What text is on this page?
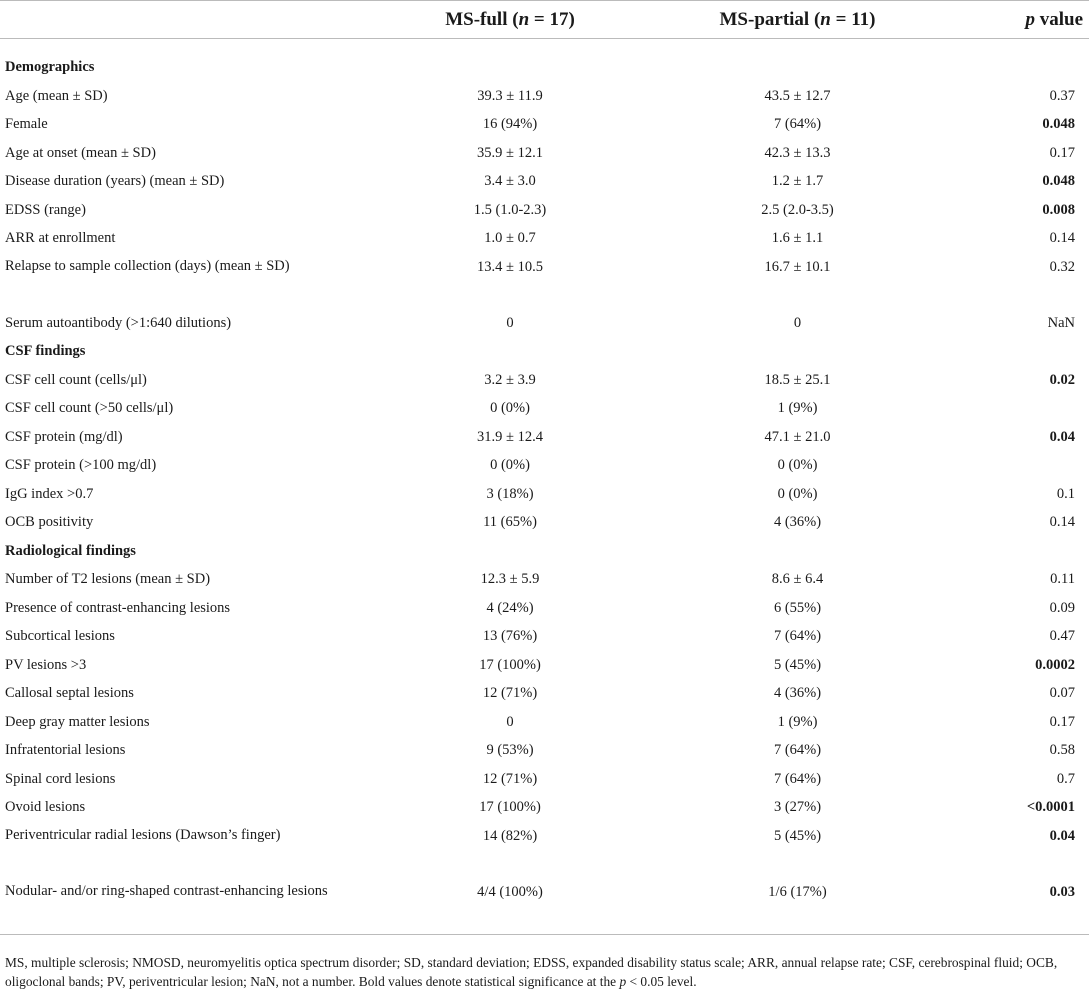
	MS-full (n = 17)	MS-partial (n = 11)	p value

Demographics			
Age (mean ± SD)	39.3 ± 11.9	43.5 ± 12.7	0.37
Female	16 (94%)	7 (64%)	0.048
Age at onset (mean ± SD)	35.9 ± 12.1	42.3 ± 13.3	0.17
Disease duration (years) (mean ± SD)	3.4 ± 3.0	1.2 ± 1.7	0.048
EDSS (range)	1.5 (1.0-2.3)	2.5 (2.0-3.5)	0.008
ARR at enrollment	1.0 ± 0.7	1.6 ± 1.1	0.14
Relapse to sample collection (days) (mean ± SD)	13.4 ± 10.5	16.7 ± 10.1	0.32
Serum autoantibody (>1:640 dilutions)	0	0	NaN
CSF findings			
CSF cell count (cells/μl)	3.2 ± 3.9	18.5 ± 25.1	0.02
CSF cell count (>50 cells/μl)	0 (0%)	1 (9%)	
CSF protein (mg/dl)	31.9 ± 12.4	47.1 ± 21.0	0.04
CSF protein (>100 mg/dl)	0 (0%)	0 (0%)	
IgG index >0.7	3 (18%)	0 (0%)	0.1
OCB positivity	11 (65%)	4 (36%)	0.14
Radiological findings			
Number of T2 lesions (mean ± SD)	12.3 ± 5.9	8.6 ± 6.4	0.11
Presence of contrast-enhancing lesions	4 (24%)	6 (55%)	0.09
Subcortical lesions	13 (76%)	7 (64%)	0.47
PV lesions >3	17 (100%)	5 (45%)	0.0002
Callosal septal lesions	12 (71%)	4 (36%)	0.07
Deep gray matter lesions	0	1 (9%)	0.17
Infratentorial lesions	9 (53%)	7 (64%)	0.58
Spinal cord lesions	12 (71%)	7 (64%)	0.7
Ovoid lesions	17 (100%)	3 (27%)	<0.0001
Periventricular radial lesions (Dawson’s finger)	14 (82%)	5 (45%)	0.04
Nodular- and/or ring-shaped contrast-enhancing lesions	4/4 (100%)	1/6 (17%)	0.03
MS, multiple sclerosis; NMOSD, neuromyelitis optica spectrum disorder; SD, standard deviation; EDSS, expanded disability status scale; ARR, annual relapse rate; CSF, cerebrospinal fluid; OCB, oligoclonal bands; PV, periventricular lesion; NaN, not a number. Bold values denote statistical significance at the p < 0.05 level.
